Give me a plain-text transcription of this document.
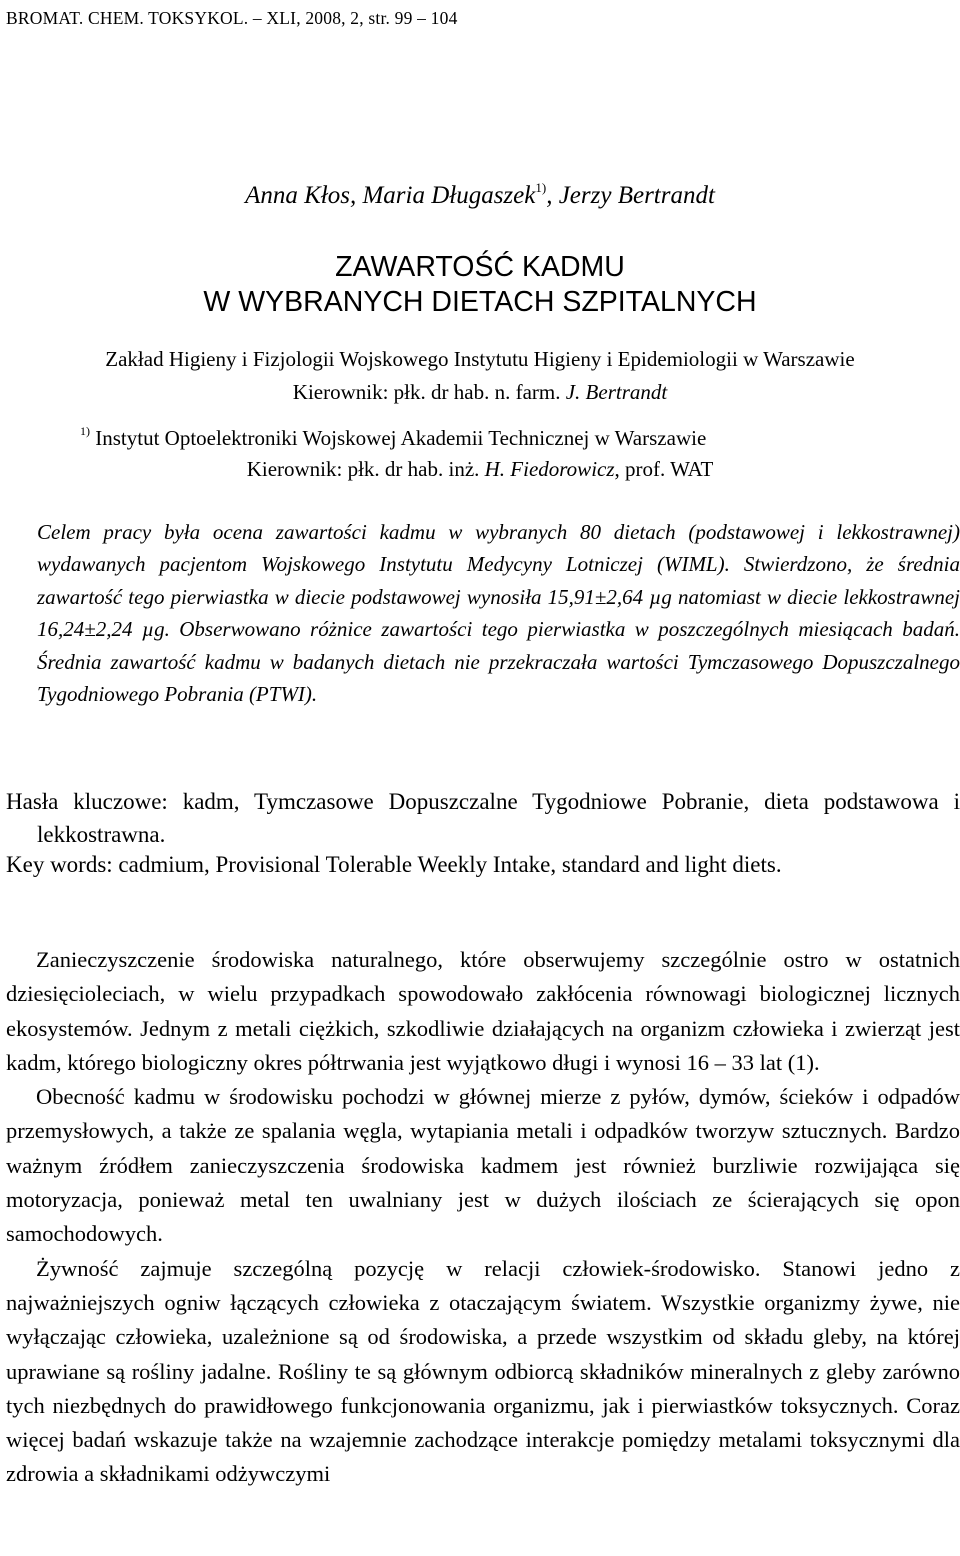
BROMAT. CHEM. TOKSYKOL. – XLI, 2008, 2, str. 99 – 104
Anna Kłos, Maria Długaszek$^{1)}$, Jerzy Bertrandt
ZAWARTOŚĆ KADMU
W WYBRANYCH DIETACH SZPITALNYCH
Zakład Higieny i Fizjologii Wojskowego Instytutu Higieny i Epidemiologii w Warszawie
Kierownik: płk. dr hab. n. farm. J. Bertrandt
$^{1)}$ Instytut Optoelektroniki Wojskowej Akademii Technicznej w Warszawie
Kierownik: płk. dr hab. inż. H. Fiedorowicz, prof. WAT
Celem pracy była ocena zawartości kadmu w wybranych 80 dietach (podstawowej i lekkostrawnej) wydawanych pacjentom Wojskowego Instytutu Medycyny Lotniczej (WIML). Stwierdzono, że średnia zawartość tego pierwiastka w diecie podstawowej wynosiła 15,91±2,64 µg natomiast w diecie lekkostrawnej 16,24±2,24 µg. Obserwowano różnice zawartości tego pierwiastka w poszczególnych miesiącach badań. Średnia zawartość kadmu w badanych dietach nie przekraczała wartości Tymczasowego Dopuszczalnego Tygodniowego Pobrania (PTWI).
Hasła kluczowe: kadm, Tymczasowe Dopuszczalne Tygodniowe Pobranie, dieta podstawowa i lekkostrawna.
Key words: cadmium, Provisional Tolerable Weekly Intake, standard and light diets.

Zanieczyszczenie środowiska naturalnego, które obserwujemy szczególnie ostro w ostatnich dziesięcioleciach, w wielu przypadkach spowodowało zakłócenia równowagi biologicznej licznych ekosystemów. Jednym z metali ciężkich, szkodliwie działających na organizm człowieka i zwierząt jest kadm, którego biologiczny okres półtrwania jest wyjątkowo długi i wynosi 16 – 33 lat (1).

Obecność kadmu w środowisku pochodzi w głównej mierze z pyłów, dymów, ścieków i odpadów przemysłowych, a także ze spalania węgla, wytapiania metali i odpadków tworzyw sztucznych. Bardzo ważnym źródłem zanieczyszczenia środowiska kadmem jest również burzliwie rozwijająca się motoryzacja, ponieważ metal ten uwalniany jest w dużych ilościach ze ścierających się opon samochodowych.

Żywność zajmuje szczególną pozycję w relacji człowiek-środowisko. Stanowi jedno z najważniejszych ogniw łączących człowieka z otaczającym światem. Wszystkie organizmy żywe, nie wyłączając człowieka, uzależnione są od środowiska, a przede wszystkim od składu gleby, na której uprawiane są rośliny jadalne. Rośliny te są głównym odbiorcą składników mineralnych z gleby zarówno tych niezbędnych do prawidłowego funkcjonowania organizmu, jak i pierwiastków toksycznych. Coraz więcej badań wskazuje także na wzajemnie zachodzące interakcje pomiędzy metalami toksycznymi dla zdrowia a składnikami odżywczymi
